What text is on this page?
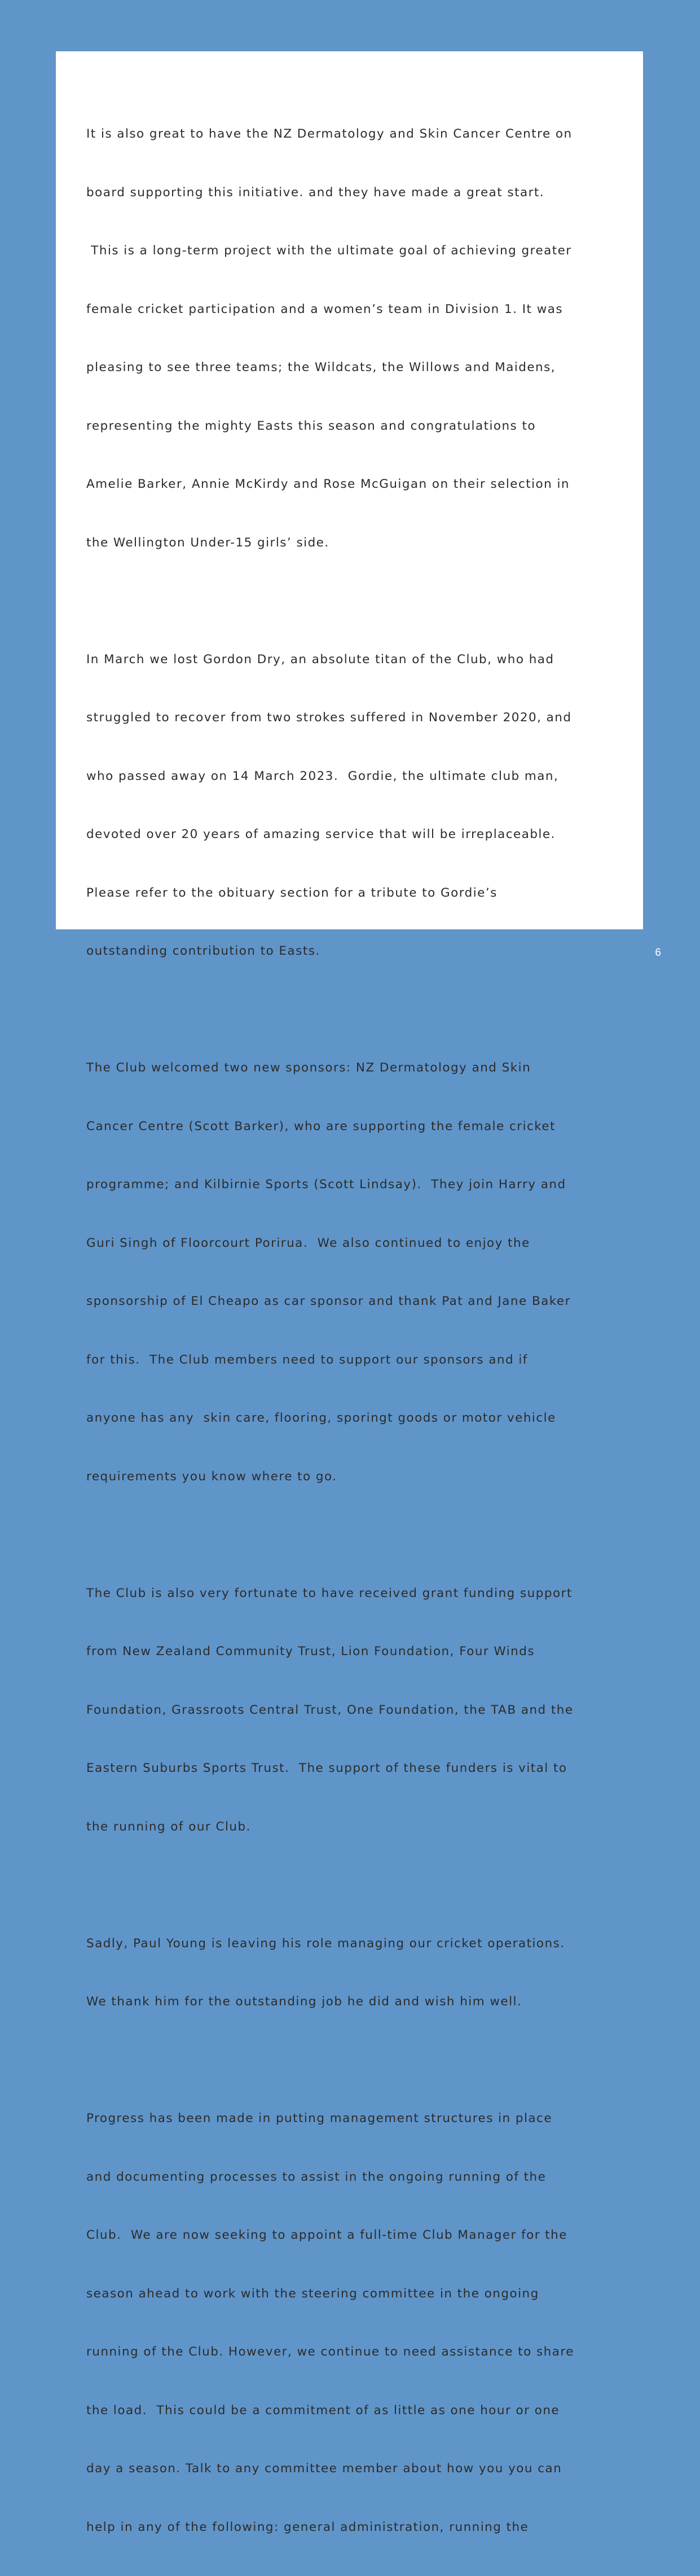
It is also great to have the NZ Dermatology and Skin Cancer Centre on

board supporting this initiative. and they have made a great start.

This is a long-term project with the ultimate goal of achieving greater

female cricket participation and a women’s team in Division 1. It was

pleasing to see three teams; the Wildcats, the Willows and Maidens,

representing the mighty Easts this season and congratulations to

Amelie Barker, Annie McKirdy and Rose McGuigan on their selection in

the Wellington Under-15 girls’ side.

In March we lost Gordon Dry, an absolute titan of the Club, who had

struggled to recover from two strokes suffered in November 2020, and

who passed away on 14 March 2023.  Gordie, the ultimate club man,

devoted over 20 years of amazing service that will be irreplaceable.

Please refer to the obituary section for a tribute to Gordie’s

outstanding contribution to Easts.

The Club welcomed two new sponsors: NZ Dermatology and Skin

Cancer Centre (Scott Barker), who are supporting the female cricket

programme; and Kilbirnie Sports (Scott Lindsay).  They join Harry and

Guri Singh of Floorcourt Porirua.  We also continued to enjoy the

sponsorship of El Cheapo as car sponsor and thank Pat and Jane Baker

for this.  The Club members need to support our sponsors and if

anyone has any  skin care, flooring, sporingt goods or motor vehicle

requirements you know where to go.

The Club is also very fortunate to have received grant funding support

from New Zealand Community Trust, Lion Foundation, Four Winds

Foundation, Grassroots Central Trust, One Foundation, the TAB and the

Eastern Suburbs Sports Trust.  The support of these funders is vital to

the running of our Club.

Sadly, Paul Young is leaving his role managing our cricket operations.

We thank him for the outstanding job he did and wish him well.

Progress has been made in putting management structures in place

and documenting processes to assist in the ongoing running of the

Club.  We are now seeking to appoint a full-time Club Manager for the

season ahead to work with the steering committee in the ongoing

running of the Club. However, we continue to need assistance to share

the load.  This could be a commitment of as little as one hour or one

day a season. Talk to any committee member about how you you can

help in any of the following: general administration, running the

6
